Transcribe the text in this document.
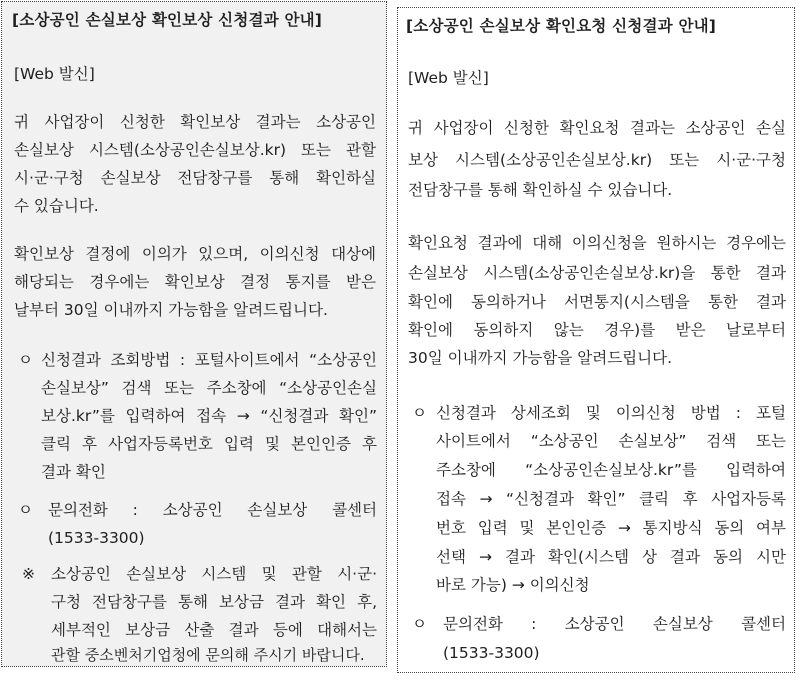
[소상공인 손실보상 확인보상 신청결과 안내]
[Web 발신]
귀 사업장이 신청한 확인보상 결과는 소상공인
손실보상 시스템(소상공인손실보상.kr) 또는 관할
시·군·구청 손실보상 전담창구를 통해 확인하실
수 있습니다.
확인보상 결정에 이의가 있으며, 이의신청 대상에
해당되는 경우에는 확인보상 결정 통지를 받은
날부터 30일 이내까지 가능함을 알려드립니다.
ㅇ 신청결과 조회방법 : 포털사이트에서 “소상공인
손실보상” 검색 또는 주소창에 “소상공인손실
보상.kr”를 입력하여 접속 → “신청결과 확인”
클릭 후 사업자등록번호 입력 및 본인인증 후
결과 확인
ㅇ 문의전화 : 소상공인 손실보상 콜센터
(1533-3300)
※ 소상공인 손실보상 시스템 및 관할 시·군·
구청 전담창구를 통해 보상금 결과 확인 후,
세부적인 보상금 산출 결과 등에 대해서는
관할 중소벤처기업청에 문의해 주시기 바랍니다.
[소상공인 손실보상 확인요청 신청결과 안내]
[Web 발신]
귀 사업장이 신청한 확인요청 결과는 소상공인 손실
보상 시스템(소상공인손실보상.kr) 또는 시·군·구청
전담창구를 통해 확인하실 수 있습니다.
확인요청 결과에 대해 이의신청을 원하시는 경우에는
손실보상 시스템(소상공인손실보상.kr)을 통한 결과
확인에 동의하거나 서면통지(시스템을 통한 결과
확인에 동의하지 않는 경우)를 받은 날로부터
30일 이내까지 가능함을 알려드립니다.
ㅇ 신청결과 상세조회 및 이의신청 방법 : 포털
사이트에서 “소상공인 손실보상” 검색 또는
주소창에 “소상공인손실보상.kr”를 입력하여
접속 → “신청결과 확인” 클릭 후 사업자등록
번호 입력 및 본인인증 → 통지방식 동의 여부
선택 → 결과 확인(시스템 상 결과 동의 시만
바로 가능) → 이의신청
ㅇ 문의전화 : 소상공인 손실보상 콜센터
(1533-3300)
